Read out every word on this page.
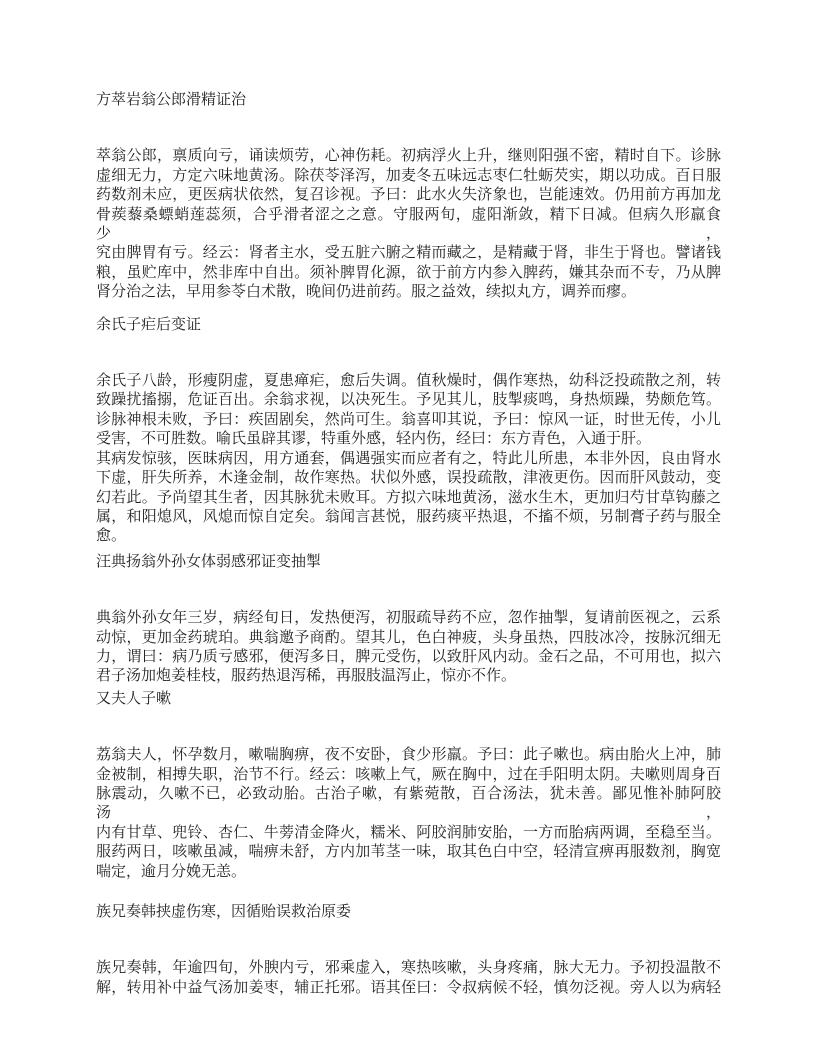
方萃岩翁公郎滑精证治
萃翁公郎，禀质向亏，诵读烦劳，心神伤耗。初病浮火上升，继则阳强不密，精时自下。诊脉
虚细无力，方定六味地黄汤。除茯苓泽泻，加麦冬五味远志枣仁牡蛎芡实，期以功成。百日服
药数剂未应，更医病状依然，复召诊视。予曰：此水火失济象也，岂能速效。仍用前方再加龙
骨蒺藜桑螵蛸莲蕊须，合乎滑者涩之之意。守服两旬，虚阳渐敛，精下日减。但病久形羸食少，
究由脾胃有亏。经云：肾者主水，受五脏六腑之精而藏之，是精藏于肾，非生于肾也。譬诸钱
粮，虽贮库中，然非库中自出。须补脾胃化源，欲于前方内参入脾药，嫌其杂而不专，乃从脾
肾分治之法，早用参苓白术散，晚间仍进前药。服之益效，续拟丸方，调养而瘳。
余氏子疟后变证
余氏子八龄，形瘦阴虚，夏患瘅疟，愈后失调。值秋燥时，偶作寒热，幼科泛投疏散之剂，转
致躁扰搐搦，危证百出。余翁求视，以决死生。予见其儿，肢掣痰鸣，身热烦躁，势颇危笃。
诊脉神根未败，予曰：疾固剧矣，然尚可生。翁喜叩其说，予曰：惊风一证，时世无传，小儿
受害，不可胜数。喻氏虽辟其谬，特重外感，轻内伤，经曰：东方青色，入通于肝。
其病发惊骇，医昧病因，用方通套，偶遇强实而应者有之，特此儿所患，本非外因，良由肾水
下虚，肝失所养，木逢金制，故作寒热。状似外感，误投疏散，津液更伤。因而肝风鼓动，变
幻若此。予尚望其生者，因其脉犹未败耳。方拟六味地黄汤，滋水生木，更加归芍甘草钩藤之
属，和阳熄风，风熄而惊自定矣。翁闻言甚悦，服药痰平热退，不搐不烦，另制膏子药与服全
愈。
汪典扬翁外孙女体弱感邪证变抽掣
典翁外孙女年三岁，病经旬日，发热便泻，初服疏导药不应，忽作抽掣，复请前医视之，云系
动惊，更加金药琥珀。典翁邀予商酌。望其儿，色白神疲，头身虽热，四肢冰冷，按脉沉细无
力，谓曰：病乃质亏感邪，便泻多日，脾元受伤，以致肝风内动。金石之品，不可用也，拟六
君子汤加炮姜桂枝，服药热退泻稀，再服肢温泻止，惊亦不作。
又夫人子嗽
荔翁夫人，怀孕数月，嗽喘胸痹，夜不安卧，食少形羸。予曰：此子嗽也。病由胎火上冲，肺
金被制，相搏失职，治节不行。经云：咳嗽上气，厥在胸中，过在手阳明太阴。夫嗽则周身百
脉震动，久嗽不已，必致动胎。古治子嗽，有紫菀散，百合汤法，犹未善。鄙见惟补肺阿胶汤，
内有甘草、兜铃、杏仁、牛蒡清金降火，糯米、阿胶润肺安胎，一方而胎病两调，至稳至当。
服药两日，咳嗽虽减，喘痹未舒，方内加苇茎一味，取其色白中空，轻清宣痹再服数剂，胸宽
喘定，逾月分娩无恙。
族兄奏韩挟虚伤寒，因循贻误救治原委
族兄奏韩，年逾四旬，外腴内亏，邪乘虚入，寒热咳嗽，头身疼痛，脉大无力。予初投温散不
解，转用补中益气汤加姜枣，辅正托邪。语其侄曰：令叔病候不轻，慎勿泛视。旁人以为病轻
